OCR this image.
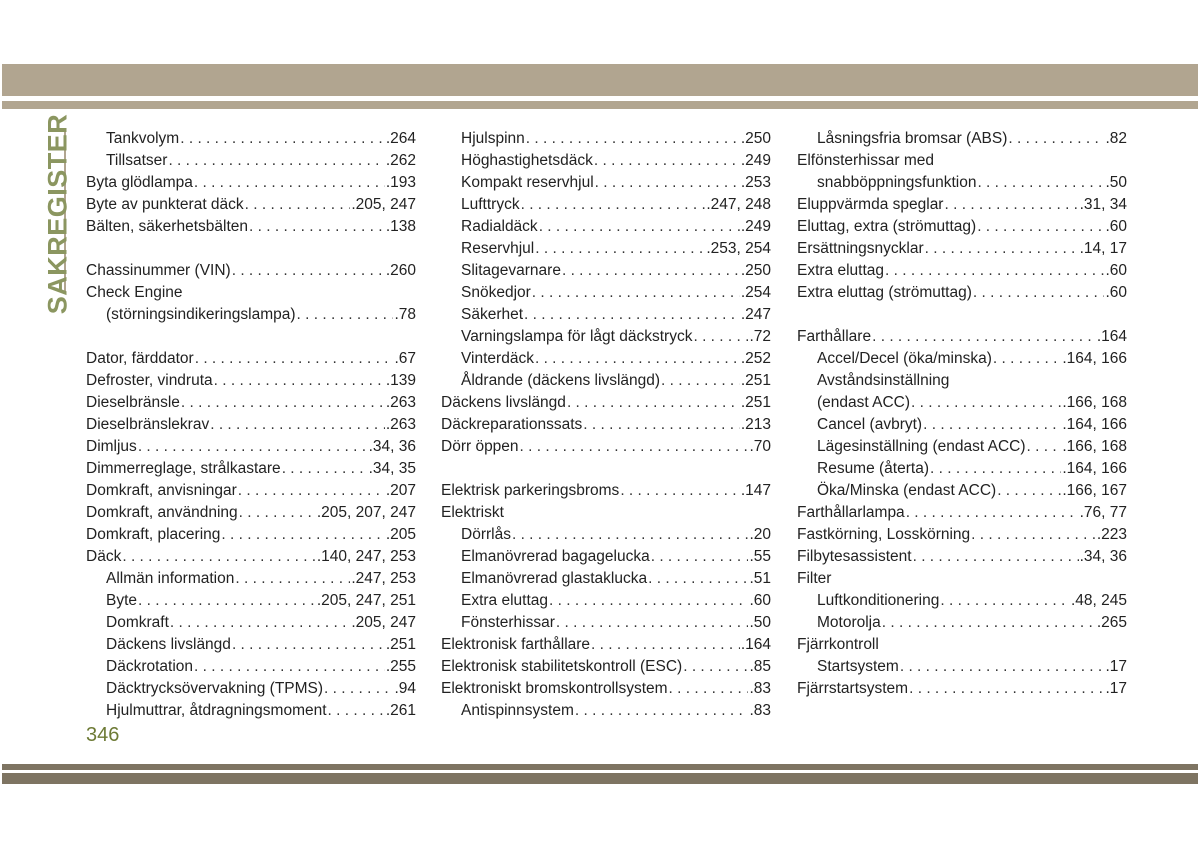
SAKREGISTER Tankvolym . . .	.264
Tillsatser . . .	.262
Byta glödlampa . . .	.193
Byte av punkterat däck . . .	.205, 247
Bälten, säkerhetsbälten . . .	.138
Chassinummer (VIN) . . .	.260
Check Engine
(störningsindikeringslampa) . . .	.78
Dator, färddator . . .	.67
Defroster, vindruta . . .	.139
Dieselbränsle . . .	.263
Dieselbränslekrav . . .	.263
Dimljus . . .	.34, 36
Dimmerreglage, strålkastare . . .	.34, 35
Domkraft, anvisningar . . .	.207
Domkraft, användning . . .	.205, 207, 247
Domkraft, placering . . .	.205
Däck . . .	.140, 247, 253
Allmän information . . .	.247, 253
Byte . . .	.205, 247, 251
Domkraft . . .	.205, 247
Däckens livslängd . . .	.251
Däckrotation . . .	.255
Däcktrycksövervakning (TPMS) . . .	.94
Hjulmuttrar, åtdragningsmoment . . .	.261
Hjulspinn . . .	.250
Höghastighetsdäck . . .	.249
Kompakt reservhjul . . .	.253
Lufttryck . . .	.247, 248
Radialdäck . . .	.249
Reservhjul . . .	.253, 254
Slitagevarnare . . .	.250
Snökedjor . . .	.254
Säkerhet . . .	.247
Varningslampa för lågt däckstryck . . .	.72
Vinterdäck . . .	.252
Åldrande (däckens livslängd) . . .	.251
Däckens livslängd . . .	.251
Däckreparationssats . . .	.213
Dörr öppen . . .	.70
Elektrisk parkeringsbroms . . .	.147
Elektriskt
Dörrlås . . .	.20
Elmanövrerad bagagelucka . . .	.55
Elmanövrerad glastaklucka . . .	.51
Extra eluttag . . .	.60
Fönsterhissar . . .	.50
Elektronisk farthållare . . .	.164
Elektronisk stabilitetskontroll (ESC) . . .	.85
Elektroniskt bromskontrollsystem . . .	.83
Antispinnsystem . . .	.83
Låsningsfria bromsar (ABS) . . .	.82
Elfönsterhissar med
snabböppningsfunktion . . .	.50
Eluppvärmda speglar . . .	.31, 34
Eluttag, extra (strömuttag) . . .	.60
Ersättningsnycklar . . .	.14, 17
Extra eluttag . . .	.60
Extra eluttag (strömuttag) . . .	.60
Farthållare . . .	.164
Accel/Decel (öka/minska) . . .	.164, 166
Avståndsinställning
(endast ACC) . . .	.166, 168
Cancel (avbryt) . . .	.164, 166
Lägesinställning (endast ACC) . . . .166, 168
Resume (återta) . . .	.164, 166
Öka/Minska (endast ACC) . . .	.166, 167
Farthållarlampa . . .	.76, 77
Fastkörning, Losskörning . . .	.223
Filbytesassistent . . .	.34, 36
Filter
Luftkonditionering . . .	.48, 245
Motorolja . . .	.265
Fjärrkontroll
Startsystem . . .	.17
Fjärrstartsystem . . .	.17
346
